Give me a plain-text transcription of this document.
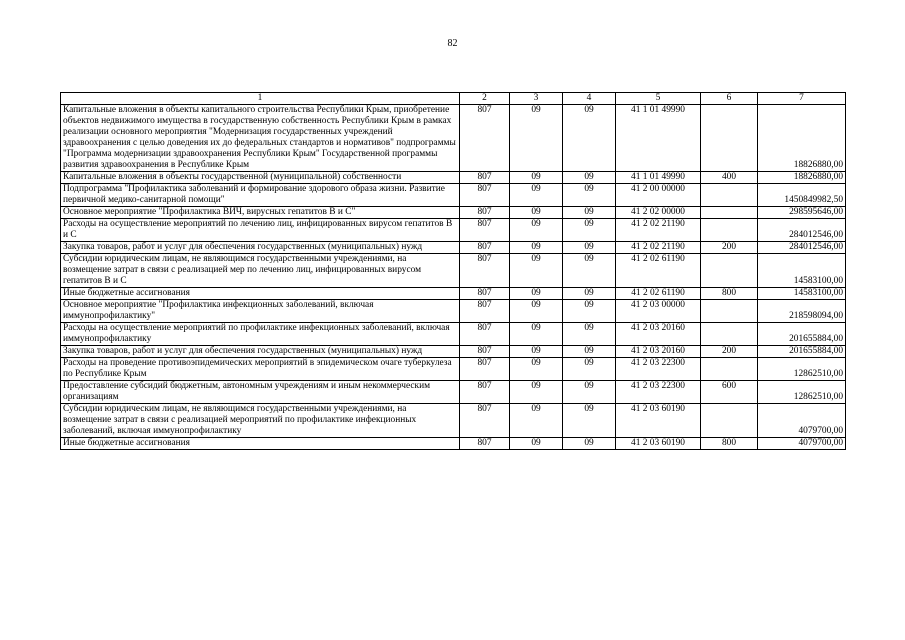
82
1	2	3	4	5	6	7
Капитальные вложения в объекты капитального строительства Республики Крым, приобретение объектов недвижимого имущества в государственную собственность Республики Крым в рамках реализации основного мероприятия "Модернизация государственных учреждений здравоохранения с целью доведения их до федеральных стандартов и нормативов" подпрограммы "Программа модернизации здравоохранения Республики Крым" Государственной программы развития здравоохранения в Республике Крым	807	09	09	41 1 01 49990		18826880,00
Капитальные вложения в объекты государственной (муниципальной) собственности	807	09	09	41 1 01 49990	400	18826880,00
Подпрограмма "Профилактика заболеваний и формирование здорового образа жизни. Развитие первичной медико-санитарной помощи"	807	09	09	41 2 00 00000		1450849982,50
Основное мероприятие "Профилактика ВИЧ, вирусных гепатитов В и С"	807	09	09	41 2 02 00000		298595646,00
Расходы на осуществление мероприятий по лечению лиц, инфицированных вирусом гепатитов В и С	807	09	09	41 2 02 21190		284012546,00
Закупка товаров, работ и услуг для обеспечения государственных (муниципальных) нужд	807	09	09	41 2 02 21190	200	284012546,00
Субсидии юридическим лицам, не являющимся государственными учреждениями, на возмещение затрат в связи с реализацией мер по лечению лиц, инфицированных вирусом гепатитов В и С	807	09	09	41 2 02 61190		14583100,00
Иные бюджетные ассигнования	807	09	09	41 2 02 61190	800	14583100,00
Основное мероприятие "Профилактика инфекционных заболеваний, включая иммунопрофилактику"	807	09	09	41 2 03 00000		218598094,00
Расходы на осуществление мероприятий по профилактике инфекционных заболеваний, включая иммунопрофилактику	807	09	09	41 2 03 20160		201655884,00
Закупка товаров, работ и услуг для обеспечения государственных (муниципальных) нужд	807	09	09	41 2 03 20160	200	201655884,00
Расходы на проведение противоэпидемических мероприятий в эпидемическом очаге туберкулеза по Республике Крым	807	09	09	41 2 03 22300		12862510,00
Предоставление субсидий бюджетным, автономным учреждениям и иным некоммерческим организациям	807	09	09	41 2 03 22300	600	12862510,00
Субсидии юридическим лицам, не являющимся государственными учреждениями, на возмещение затрат в связи с реализацией мероприятий по профилактике инфекционных заболеваний, включая иммунопрофилактику	807	09	09	41 2 03 60190		4079700,00
Иные бюджетные ассигнования	807	09	09	41 2 03 60190	800	4079700,00
